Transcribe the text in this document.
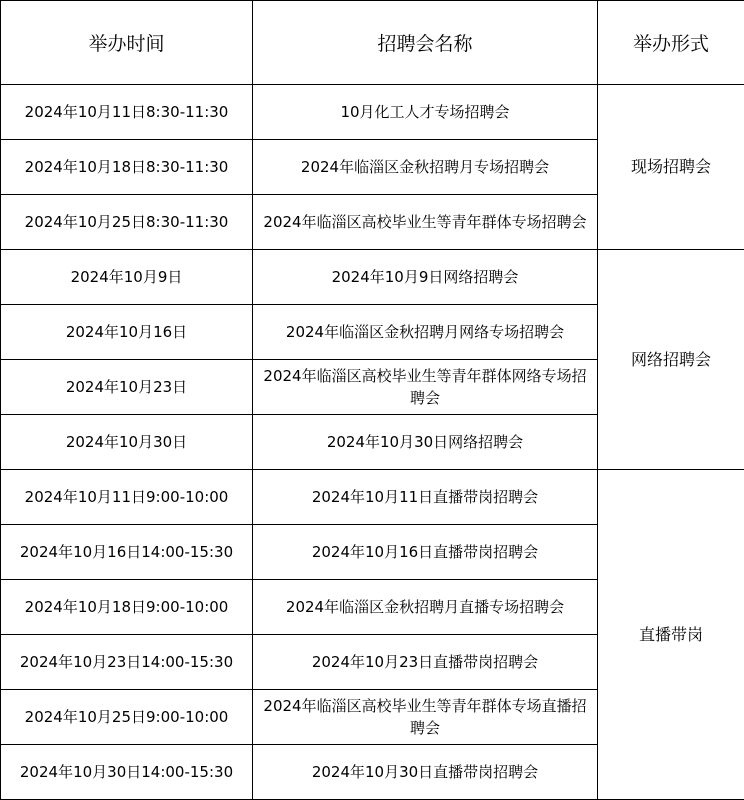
举办时间	招聘会名称	举办形式
2024年10月11日8:30-11:30	10月化工人才专场招聘会	现场招聘会
2024年10月18日8:30-11:30	2024年临淄区金秋招聘月专场招聘会	
2024年10月25日8:30-11:30	2024年临淄区高校毕业生等青年群体专场招聘会	
2024年10月9日	2024年10月9日网络招聘会	网络招聘会
2024年10月16日	2024年临淄区金秋招聘月网络专场招聘会	
2024年10月23日	2024年临淄区高校毕业生等青年群体网络专场招聘会	
2024年10月30日	2024年10月30日网络招聘会	
2024年10月11日9:00-10:00	2024年10月11日直播带岗招聘会	直播带岗
2024年10月16日14:00-15:30	2024年10月16日直播带岗招聘会	
2024年10月18日9:00-10:00	2024年临淄区金秋招聘月直播专场招聘会	
2024年10月23日14:00-15:30	2024年10月23日直播带岗招聘会	
2024年10月25日9:00-10:00	2024年临淄区高校毕业生等青年群体专场直播招聘会	
2024年10月30日14:00-15:30	2024年10月30日直播带岗招聘会	
